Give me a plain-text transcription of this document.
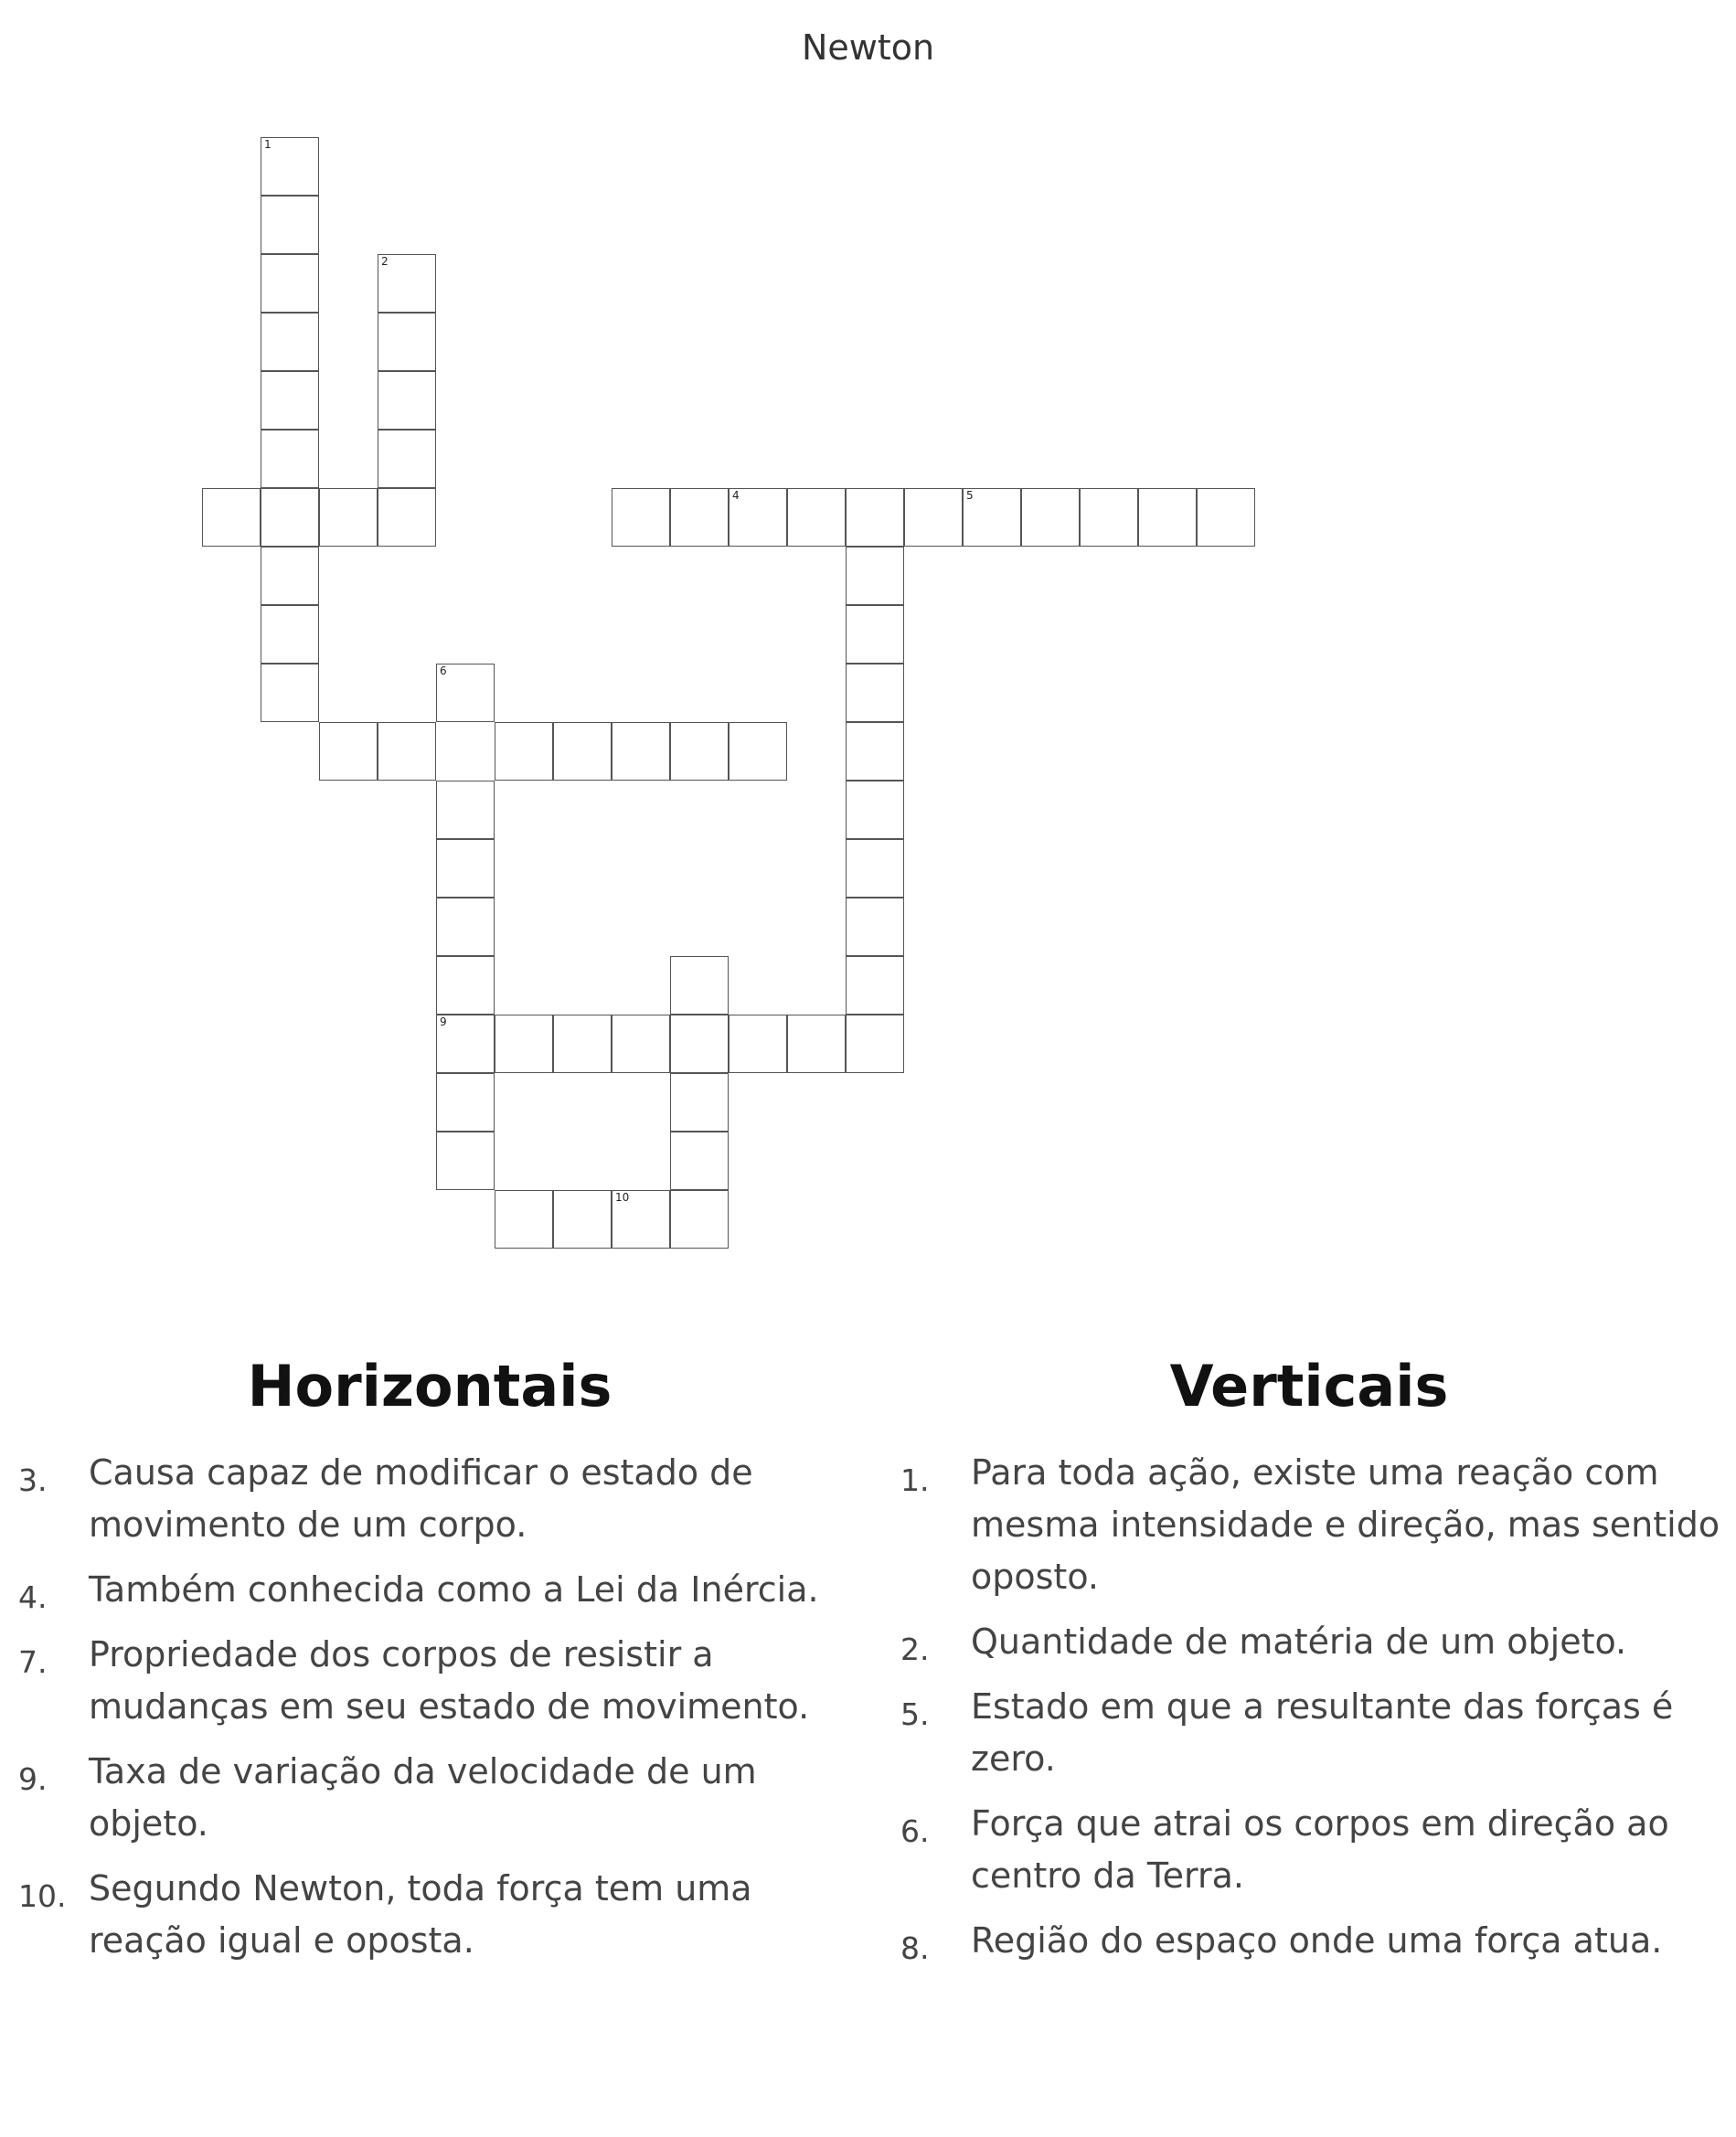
Newton
1
2
4	5
6
9
10
Horizontais
3. Causa capaz de modificar o estado de movimento de um corpo.
4. Também conhecida como a Lei da Inércia.
7. Propriedade dos corpos de resistir a mudanças em seu estado de movimento.
9. Taxa de variação da velocidade de um objeto.
10. Segundo Newton, toda força tem uma reação igual e oposta.
Verticais
1. Para toda ação, existe uma reação com mesma intensidade e direção, mas sentido oposto.
2. Quantidade de matéria de um objeto.
5. Estado em que a resultante das forças é zero.
6. Força que atrai os corpos em direção ao centro da Terra.
8. Região do espaço onde uma força atua.
